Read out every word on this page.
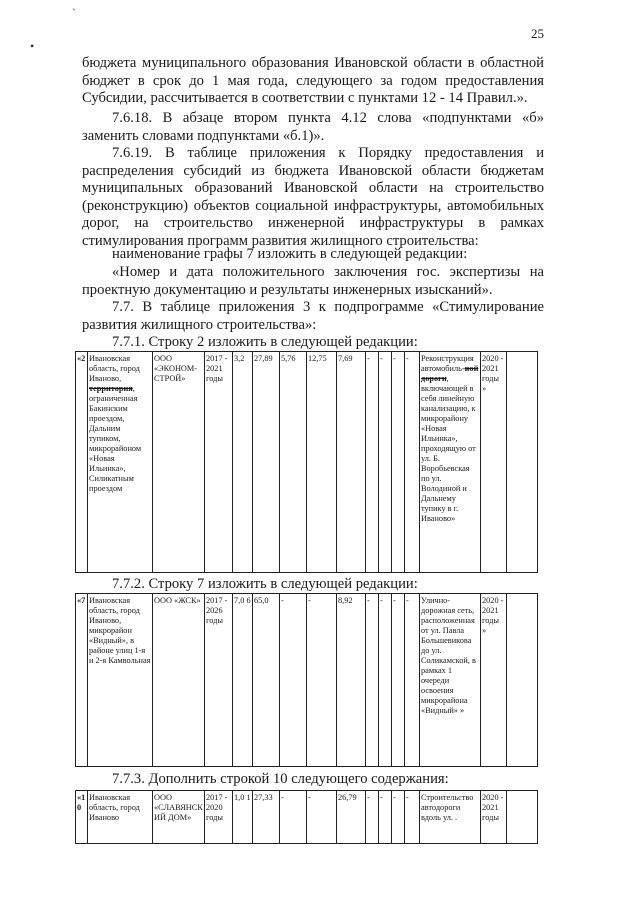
25
`
•

бюджета муниципального образования Ивановской области в областной бюджет в срок до 1 мая года, следующего за годом предоставления Субсидии, рассчитывается в соответствии с пунктами 12 - 14 Правил.».

7.6.18. В абзаце втором пункта 4.12 слова «подпунктами «б» заменить словами подпунктами «б.1)».

7.6.19. В таблице приложения к Порядку предоставления и распределения субсидий из бюджета Ивановской области бюджетам муниципальных образований Ивановской области на строительство (реконструкцию) объектов социальной инфраструктуры, автомобильных дорог, на строительство инженерной инфраструктуры в рамках стимулирования программ развития жилищного строительства:

наименование графы 7 изложить в следующей редакции:

«Номер и дата положительного заключения гос. экспертизы на проектную документацию и результаты инженерных изысканий».

7.7. В таблице приложения 3 к подпрограмме «Стимулирование развития жилищного строительства»:

7.7.1. Строку 2 изложить в следующей редакции:
«2	Ивановская область, город Иваново, территория, ограниченная Бакинским проездом, Дальним тупиком, микрорайоном «Новая Ильинка», Силикатным проездом	ООО «ЭКОНОМ-СТРОЙ»	2017 - 2021 годы	3,2	27,89	5,76	12,75	7,69	-	-	-	-	Реконструкция автомобиль-ной дороги, включающей в себя линейную канализацию, к микрорайону «Новая Ильинка», проходящую от ул. Б. Воробьевская по ул. Володиной и Дальнему тупику в г. Иваново»	2020 - 2021 годы »	
7.7.2. Строку 7 изложить в следующей редакции:
«7	Ивановская область, город Иваново, микрорайон «Видный», в районе улиц 1-я и 2-я Камвольная	ООО «ЖСК»	2017 - 2026 годы	7,0 6	65,0	-	-	8,92	-	-	-	-	Улично-дорожная сеть, расположенная от ул. Павла Большевикова до ул. Соликамской, в рамках 1 очереди освоения микрорайона «Видный» »	2020 - 2021 годы »	
7.7.3. Дополнить строкой 10 следующего содержания:
«10	Ивановская область, город Иваново	ООО «СЛАВЯНСКИЙ ДОМ»	2017 - 2020 годы	1,0 1	27,33	-	-	26,79	-	-	-	-	Строительство автодороги вдоль ул. .	2020 - 2021 годы	
